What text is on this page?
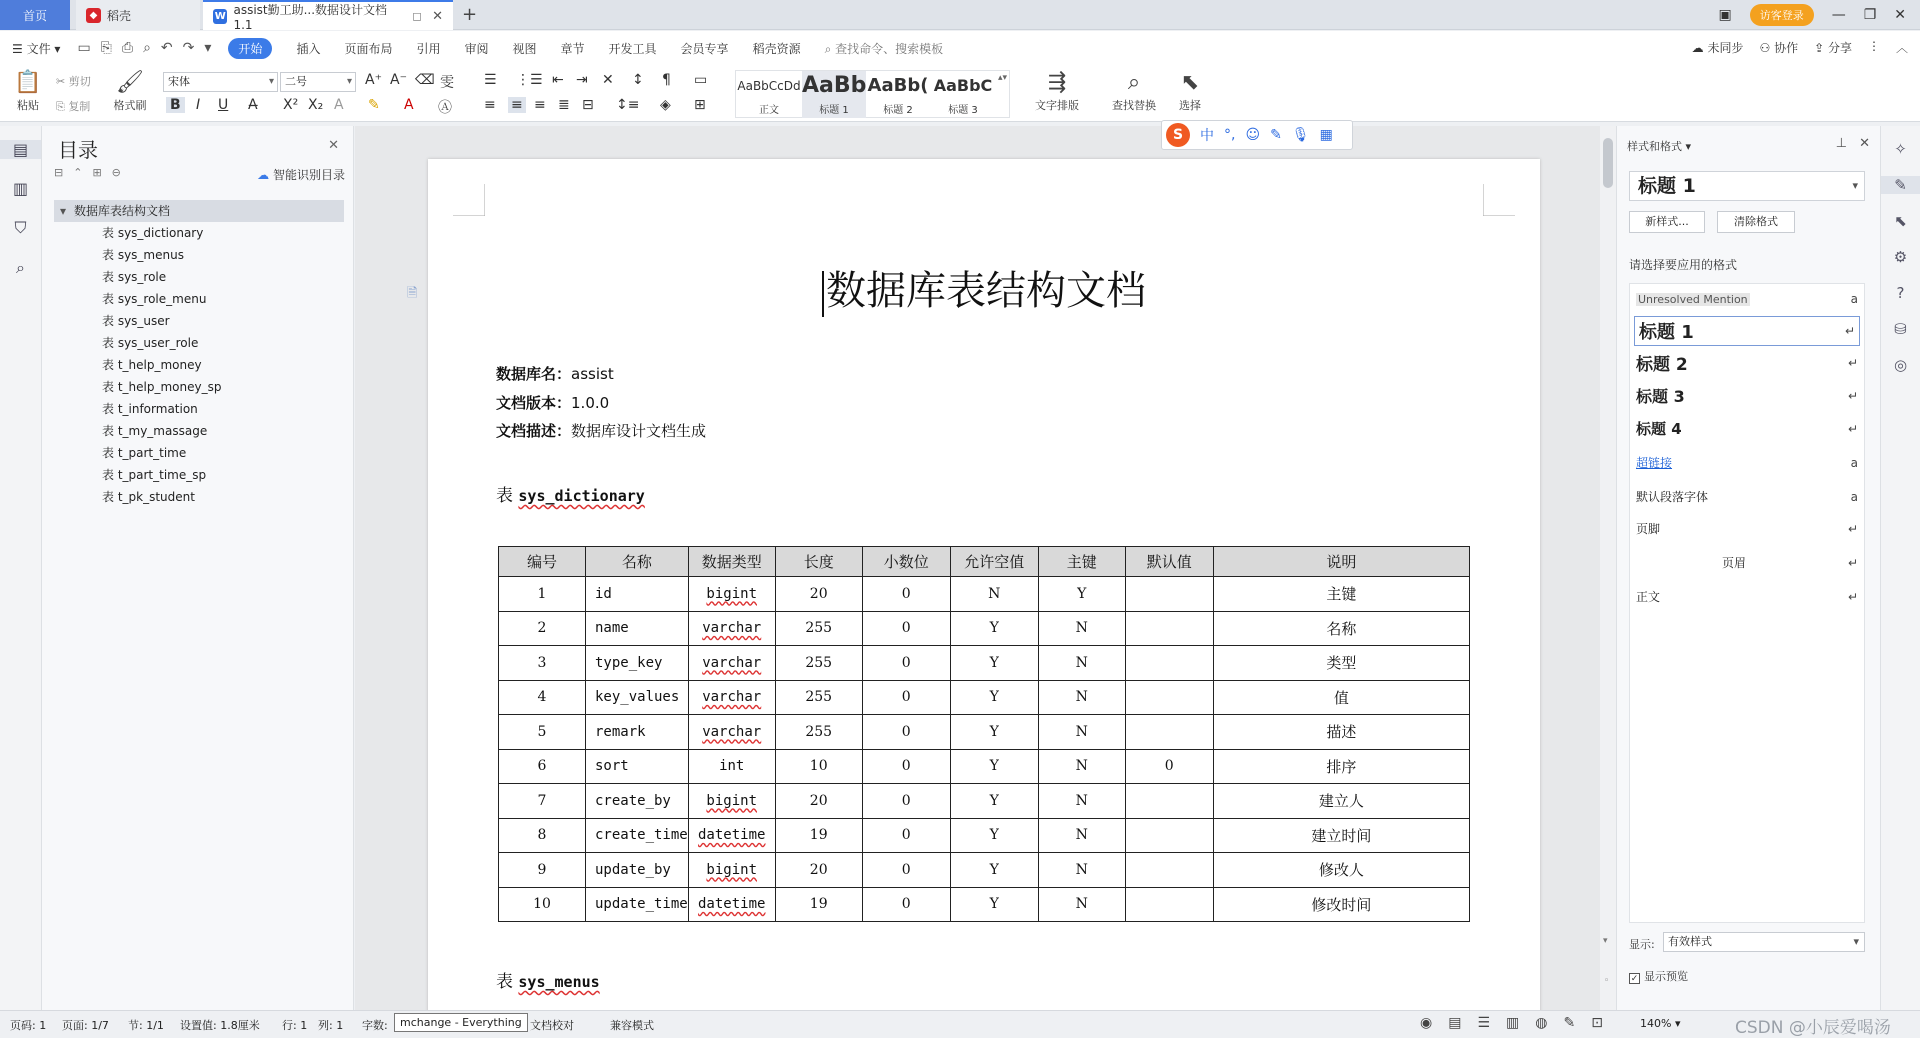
首页	◆ 稻壳	W assist勤工助...数据设计文档1.1
◻ ✕ +	▣	访客登录	— ❐ ✕
☰ 文件 ▾ ▭ ⎘ ⎙ ⌕ ↶ ↷ ▾	开始	插入 页面布局 引用 审阅 视图 章节 开发工具 会员专享 稻壳资源 ⌕ 查找命令、搜索模板	☁ 未同步 ⚇ 协作 ⇪ 分享 ⋮ ︿
📋
粘贴
✂ 剪切
⎘ 复制
🖌
格式刷
宋体 ▾	二号 ▾	A⁺ A⁻ ⌫ 雯
B I U A̶ X² X₂ A ✎ A Ⓐ
☰ ⋮☰ ⇤ ⇥ ✕ ↕ ¶ ▭
≡ ≡ ≡ ≣ ⊟ ↕≡ ◈ ⊞
AaBbCcDd
正文
AaBb
标题 1
AaBb(
标题 2
AaBbC
标题 3
▴▾	⇶
文字排版
⌕
查找替换
⬉
选择
S	中 °, ☺ ✎ 🎙 ▦
▤
▥
⛉
⌕
目录	✕
⊟ ⌃ ⊞ ⊖	☁ 智能识别目录
▾ 数据库表结构文档
表 sys_dictionary
表 sys_menus
表 sys_role
表 sys_role_menu
表 sys_user
表 sys_user_role
表 t_help_money
表 t_help_money_sp
表 t_information
表 t_my_massage
表 t_part_time
表 t_part_time_sp
表 t_pk_student
🗎	数据库表结构文档
数据库名：assist
文档版本：1.0.0
文档描述：数据库设计文档生成
表 sys_dictionary
编号	名称	数据类型	长度	小数位	允许空值	主键	默认值	说明
1	id	bigint	20	0	N	Y		主键
2	name	varchar	255	0	Y	N		名称
3	type_key	varchar	255	0	Y	N		类型
4	key_values	varchar	255	0	Y	N		值
5	remark	varchar	255	0	Y	N		描述
6	sort	int	10	0	Y	N	0	排序
7	create_by	bigint	20	0	Y	N		建立人
8	create_time	datetime	19	0	Y	N		建立时间
9	update_by	bigint	20	0	Y	N		修改人
10	update_time	datetime	19	0	Y	N		修改时间
表 sys_menus
▾
◦
样式和格式 ▾	⊥ ✕
标题 1 ▾
新样式...	清除格式
请选择要应用的格式
Unresolved Mention	a
标题 1	↵
标题 2	↵
标题 3	↵
标题 4	↵
超链接	a
默认段落字体	a
页脚	↵
页眉	↵
正文	↵
显示:	有效样式 ▾
✓ 显示预览
✧
✎
⬉
⚙
?
⛁
◎
页码: 1 页面: 1/7 节: 1/1 设置值: 1.8厘米 行: 1 列: 1 字数:	mchange - Everything 文档校对	兼容模式	◉ ▤ ☰ ▥ ◍ ✎ ⊡	140% ▾	CSDN @小辰爱喝汤
